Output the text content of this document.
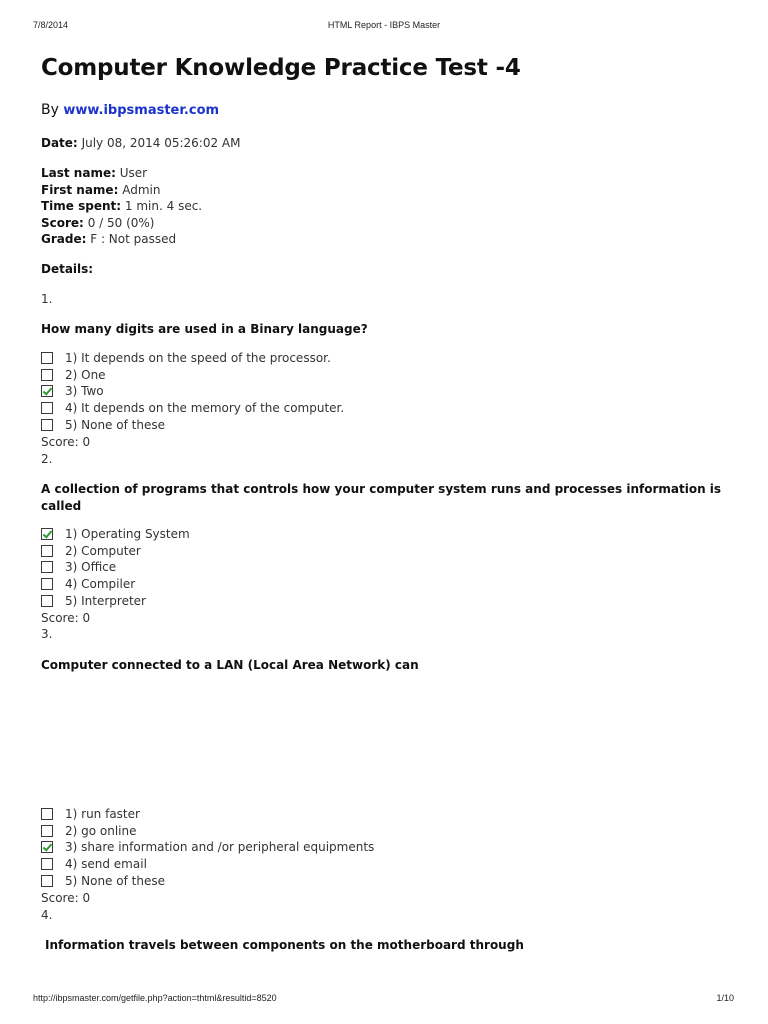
7/8/2014	HTML Report - IBPS Master
Computer Knowledge Practice Test -4
By www.ibpsmaster.com
Date: July 08, 2014 05:26:02 AM
Last name: User
First name: Admin
Time spent: 1 min. 4 sec.
Score: 0 / 50 (0%)
Grade: F : Not passed
Details:
1.
How many digits are used in a Binary language?
1) It depends on the speed of the processor.
2) One
3) Two
4) It depends on the memory of the computer.
5) None of these
Score: 0
2.
A collection of programs that controls how your computer system runs and processes information is called
1) Operating System
2) Computer
3) Office
4) Compiler
5) Interpreter
Score: 0
3.
Computer connected to a LAN (Local Area Network) can
1) run faster
2) go online
3) share information and /or peripheral equipments
4) send email
5) None of these
Score: 0
4.
Information travels between components on the motherboard through
http://ibpsmaster.com/getfile.php?action=thtml&resultid=8520	1/10
